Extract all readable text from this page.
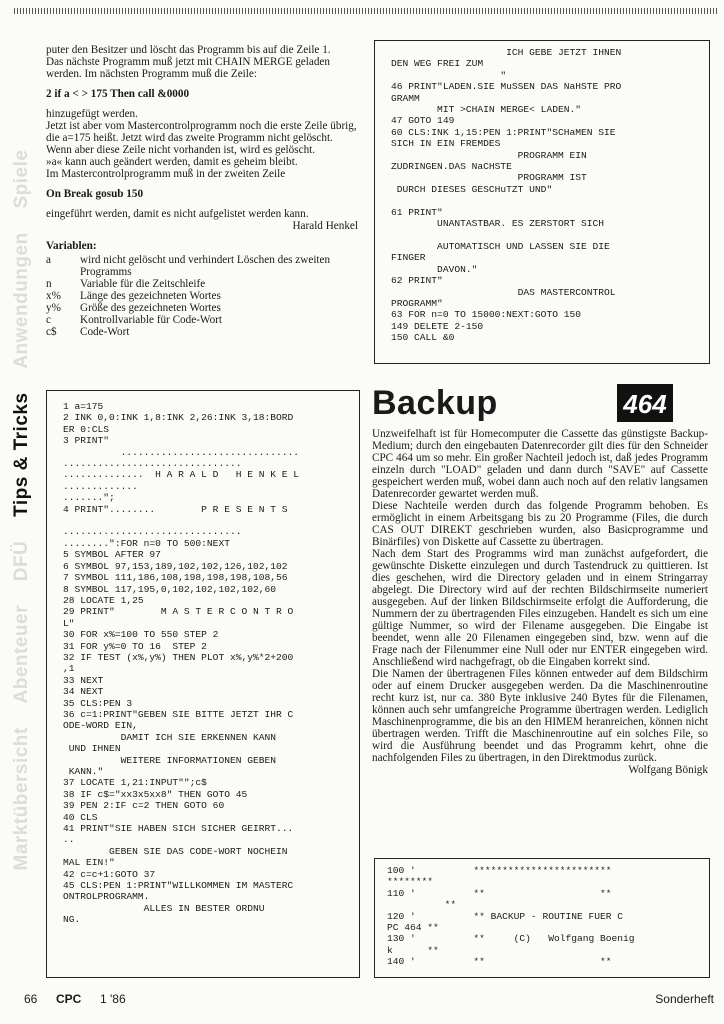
Marktübersicht Abenteuer DFÜ Tips & Tricks Anwendungen Spiele

puter den Besitzer und löscht das Programm bis auf die Zeile 1.

Das nächste Programm muß jetzt mit CHAIN MERGE geladen werden. Im nächsten Programm muß die Zeile:

2 if a < > 175 Then call &0000

hinzugefügt werden.

Jetzt ist aber vom Mastercontrolprogramm noch die erste Zeile übrig, die a=175 heißt. Jetzt wird das zweite Programm nicht gelöscht. Wenn aber diese Zeile nicht vorhanden ist, wird es gelöscht.

»a« kann auch geändert werden, damit es geheim bleibt.

Im Mastercontrolprogramm muß in der zweiten Zeile

On Break gosub 150

eingeführt werden, damit es nicht aufgelistet werden kann.

Harald Henkel

Variablen:

a	wird nicht gelöscht und verhindert Löschen des zweiten Programms
n	Variable für die Zeitschleife
x%	Länge des gezeichneten Wortes
y%	Größe des gezeichneten Wortes
c	Kontrollvariable für Code-Wort
c$	Code-Wort
1 a=175
2 INK 0,0:INK 1,8:INK 2,26:INK 3,18:BORD
ER 0:CLS
3 PRINT"
...............................
...............................
..............  H A R A L D   H E N K E L
.............
.......";
4 PRINT"........        P R E S E N T S

...............................
........":FOR n=0 TO 500:NEXT
5 SYMBOL AFTER 97
6 SYMBOL 97,153,189,102,102,126,102,102
7 SYMBOL 111,186,108,198,198,198,108,56
8 SYMBOL 117,195,0,102,102,102,102,60
28 LOCATE 1,25
29 PRINT"        M A S T E R C O N T R O
L"
30 FOR x%=100 TO 550 STEP 2
31 FOR y%=0 TO 16  STEP 2
32 IF TEST (x%,y%) THEN PLOT x%,y%*2+200
,1
33 NEXT
34 NEXT
35 CLS:PEN 3
36 c=1:PRINT"GEBEN SIE BITTE JETZT IHR C
ODE-WORD EIN,
DAMIT ICH SIE ERKENNEN KANN
UND IHNEN
WEITERE INFORMATIONEN GEBEN
KANN."
37 LOCATE 1,21:INPUT"";c$
38 IF c$="xx3x5xx8" THEN GOTO 45
39 PEN 2:IF c=2 THEN GOTO 60
40 CLS
41 PRINT"SIE HABEN SICH SICHER GEIRRT...
..
GEBEN SIE DAS CODE-WORT NOCHEIN
MAL EIN!"
42 c=c+1:GOTO 37
45 CLS:PEN 1:PRINT"WILLKOMMEN IM MASTERC
ONTROLPROGRAMM.
ALLES IN BESTER ORDNU
NG.
ICH GEBE JETZT IHNEN
DEN WEG FREI ZUM
"
46 PRINT"LADEN.SIE MuSSEN DAS NaHSTE PRO
GRAMM
MIT >CHAIN MERGE< LADEN."
47 GOTO 149
60 CLS:INK 1,15:PEN 1:PRINT"SCHaMEN SIE
SICH IN EIN FREMDES
PROGRAMM EIN
ZUDRINGEN.DAS NaCHSTE
PROGRAMM IST
DURCH DIESES GESCHuTZT UND"

61 PRINT"
UNANTASTBAR. ES ZERSTORT SICH

AUTOMATISCH UND LASSEN SIE DIE
FINGER
DAVON."
62 PRINT"
DAS MASTERCONTROL
PROGRAMM"
63 FOR n=0 TO 15000:NEXT:GOTO 150
149 DELETE 2-150
150 CALL &0
Backup	464

Unzweifelhaft ist für Homecomputer die Cassette das günstigste Backup-Medium; durch den eingebauten Datenrecorder gilt dies für den Schneider CPC 464 um so mehr. Ein großer Nachteil jedoch ist, daß jedes Programm einzeln durch "LOAD" geladen und dann durch "SAVE" auf Cassette gespeichert werden muß, wobei dann auch noch auf den relativ langsamen Datenrecorder gewartet werden muß.

Diese Nachteile werden durch das folgende Programm behoben. Es ermöglicht in einem Arbeitsgang bis zu 20 Programme (Files, die durch CAS OUT DIREKT geschrieben wurden, also Basicprogramme und Binärfiles) von Diskette auf Cassette zu übertragen.

Nach dem Start des Programms wird man zunächst aufgefordert, die gewünschte Diskette einzulegen und durch Tastendruck zu quittieren. Ist dies geschehen, wird die Directory geladen und in einem Stringarray abgelegt. Die Directory wird auf der rechten Bildschirmseite numeriert ausgegeben. Auf der linken Bildschirmseite erfolgt die Aufforderung, die Nummern der zu übertragenden Files einzugeben. Handelt es sich um eine gültige Nummer, so wird der Filename ausgegeben. Die Eingabe ist beendet, wenn alle 20 Filenamen eingegeben sind, bzw. wenn auf die Frage nach der Filenummer eine Null oder nur ENTER eingegeben wird. Anschließend wird nachgefragt, ob die Eingaben korrekt sind.

Die Namen der übertragenen Files können entweder auf dem Bildschirm oder auf einem Drucker ausgegeben werden. Da die Maschinenroutine recht kurz ist, nur ca. 380 Byte inklusive 240 Bytes für die Filenamen, können auch sehr umfangreiche Programme übertragen werden. Lediglich Maschinenprogramme, die bis an den HIMEM heranreichen, können nicht übertragen werden. Trifft die Maschinenroutine auf ein solches File, so wird die Ausführung beendet und das Programm kehrt, ohne die nachfolgenden Files zu übertragen, in den Direktmodus zurück.

Wolfgang Bönigk

100 '          ************************
********
110 '          **                    **
**
120 '          ** BACKUP - ROUTINE FUER C
PC 464 **
130 '          **     (C)   Wolfgang Boenig
k      **
140 '          **                    **
66 CPC 1 '86	Sonderheft
